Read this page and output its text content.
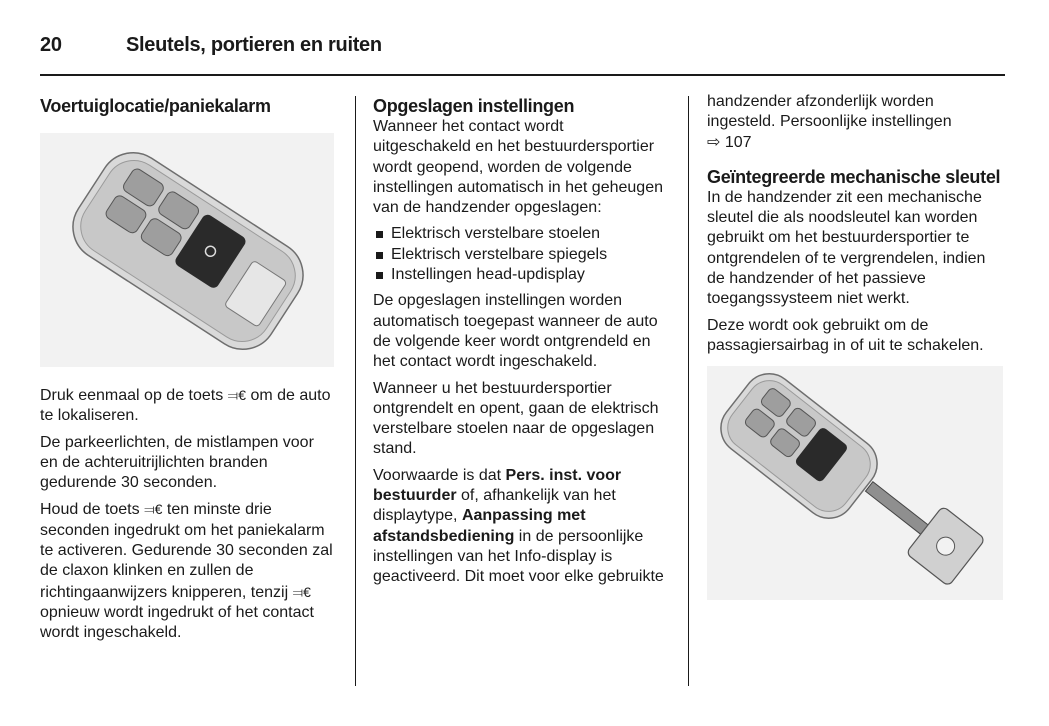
20	Sleutels, portieren en ruiten
Voertuiglocatie/paniekalarm

Druk eenmaal op de toets ⫤€ om de auto te lokaliseren.

De parkeerlichten, de mistlampen voor en de achteruitrijlichten branden gedurende 30 seconden.

Houd de toets ⫤€ ten minste drie seconden ingedrukt om het paniekalarm te activeren. Gedurende 30 seconden zal de claxon klinken en zullen de richtingaanwijzers knipperen, tenzij ⫤€ opnieuw wordt ingedrukt of het contact wordt ingeschakeld.

Opgeslagen instellingen

Wanneer het contact wordt uitgeschakeld en het bestuurdersportier wordt geopend, worden de volgende instellingen automatisch in het geheugen van de handzender opgeslagen:

Elektrisch verstelbare stoelen
Elektrisch verstelbare spiegels
Instellingen head-updisplay

De opgeslagen instellingen worden automatisch toegepast wanneer de auto de volgende keer wordt ontgrendeld en het contact wordt ingeschakeld.

Wanneer u het bestuurdersportier ontgrendelt en opent, gaan de elektrisch verstelbare stoelen naar de opgeslagen stand.

Voorwaarde is dat Pers. inst. voor bestuurder of, afhankelijk van het displaytype, Aanpassing met afstandsbediening in de persoonlijke instellingen van het Info-display is geactiveerd. Dit moet voor elke gebruikte

handzender afzonderlijk worden ingesteld. Persoonlijke instellingen
⇨ 107

Geïntegreerde mechanische sleutel

In de handzender zit een mechanische sleutel die als noodsleutel kan worden gebruikt om het bestuurdersportier te ontgrendelen of te vergrendelen, indien de handzender of het passieve toegangssysteem niet werkt.

Deze wordt ook gebruikt om de passagiersairbag in of uit te schakelen.
